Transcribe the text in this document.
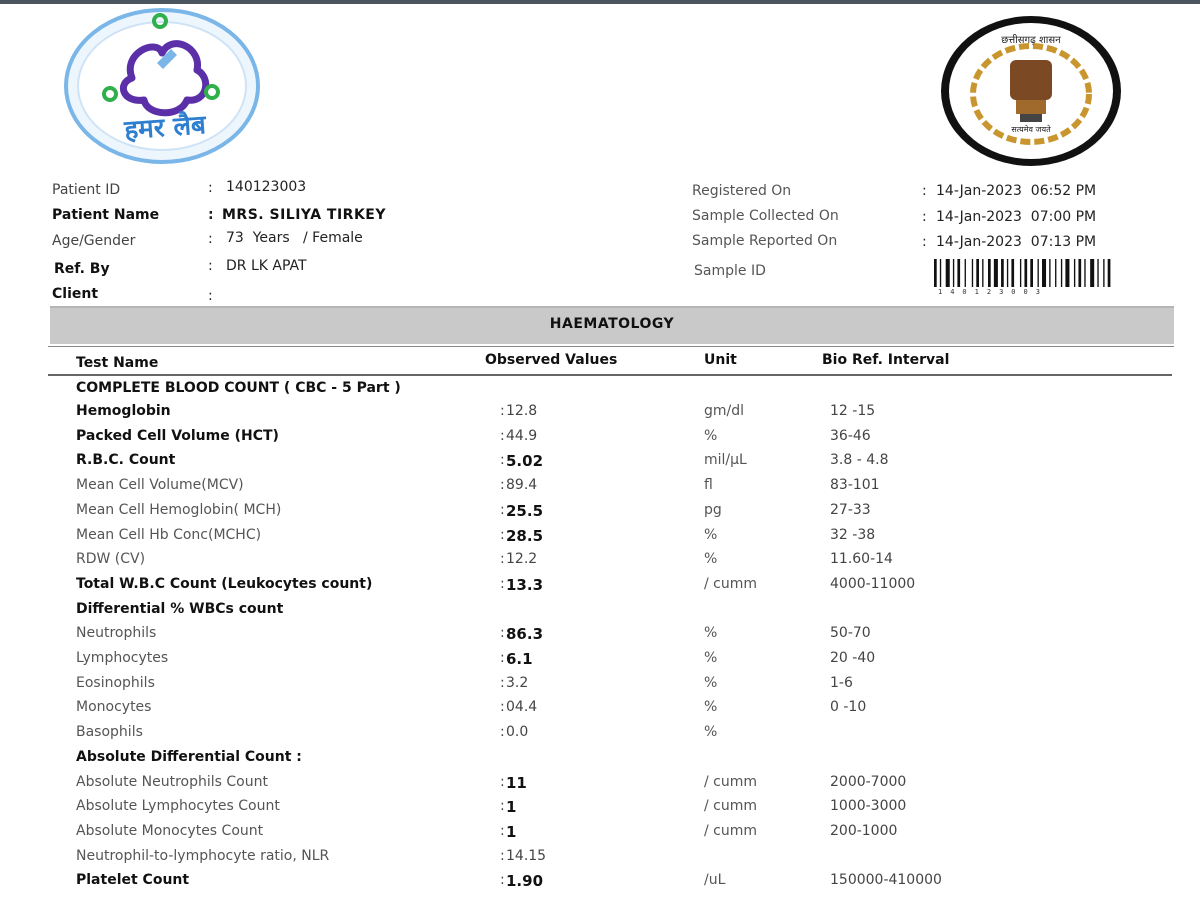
हमर लैब
छत्तीसगढ़ शासन
सत्यमेव जयते
Patient ID	: 140123003
Patient Name	: MRS. SILIYA TIRKEY
Age/Gender	: 73  Years   / Female
Ref. By	: DR LK APAT
Client	:
Registered On	: 14-Jan-2023  06:52 PM
Sample Collected On	: 14-Jan-2023  07:00 PM
Sample Reported On	: 14-Jan-2023  07:13 PM
Sample ID
140123003
HAEMATOLOGY
Test Name	Observed Values	Unit	Bio Ref. Interval
COMPLETE BLOOD COUNT ( CBC - 5 Part )
Hemoglobin	: 12.8	gm/dl	12 -15
Packed Cell Volume (HCT)	: 44.9	%	36-46
R.B.C. Count	: 5.02	mil/µL	3.8 - 4.8
Mean Cell Volume(MCV)	: 89.4	fl	83-101
Mean Cell Hemoglobin( MCH)	: 25.5	pg	27-33
Mean Cell Hb Conc(MCHC)	: 28.5	%	32 -38
RDW (CV)	: 12.2	%	11.60-14
Total W.B.C Count (Leukocytes count)	: 13.3	/ cumm	4000-11000
Differential % WBCs count
Neutrophils	: 86.3	%	50-70
Lymphocytes	: 6.1	%	20 -40
Eosinophils	: 3.2	%	1-6
Monocytes	: 04.4	%	0 -10
Basophils	: 0.0	%
Absolute Differential Count :
Absolute Neutrophils Count	: 11	/ cumm	2000-7000
Absolute Lymphocytes Count	: 1	/ cumm	1000-3000
Absolute Monocytes Count	: 1	/ cumm	200-1000
Neutrophil-to-lymphocyte ratio, NLR	: 14.15
Platelet Count	: 1.90	/uL	150000-410000
